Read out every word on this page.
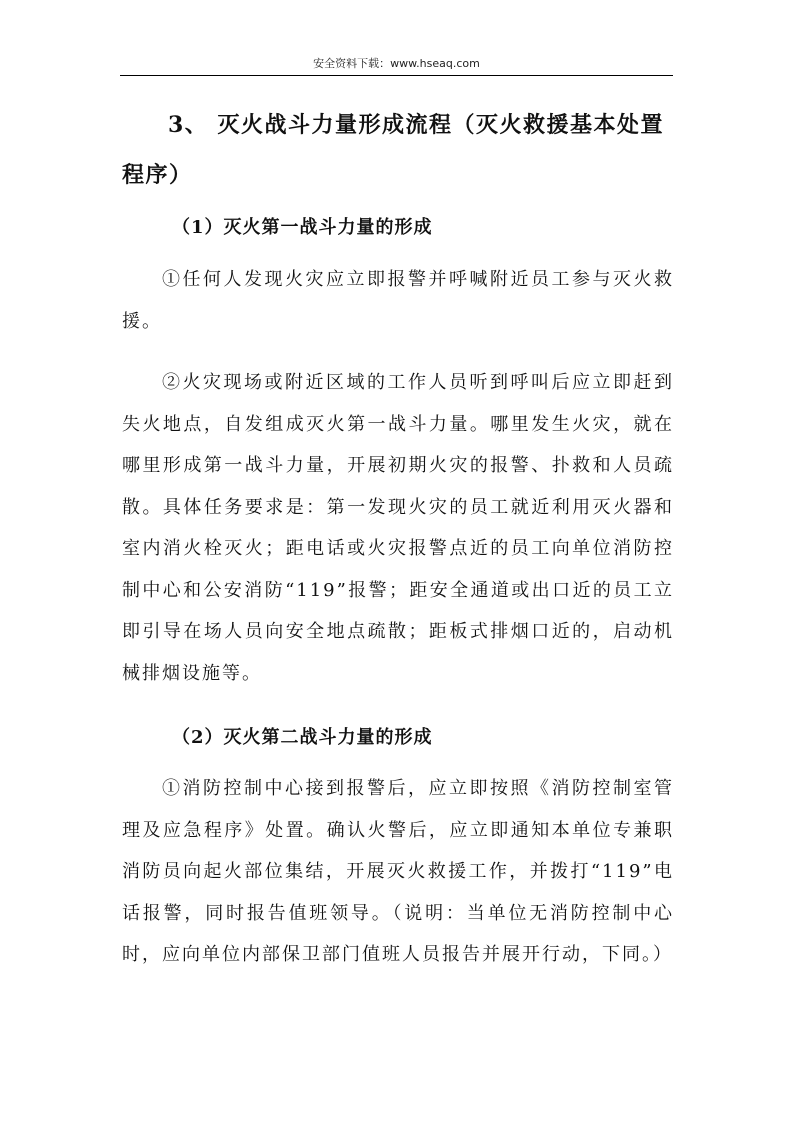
安全资料下载：www.hseaq.com

3、 灭火战斗力量形成流程（灭火救援基本处置程序）

（1）灭火第一战斗力量的形成

①任何人发现火灾应立即报警并呼喊附近员工参与灭火救援。

②火灾现场或附近区域的工作人员听到呼叫后应立即赶到失火地点，自发组成灭火第一战斗力量。哪里发生火灾，就在哪里形成第一战斗力量，开展初期火灾的报警、扑救和人员疏散。具体任务要求是：第一发现火灾的员工就近利用灭火器和室内消火栓灭火；距电话或火灾报警点近的员工向单位消防控制中心和公安消防“119”报警；距安全通道或出口近的员工立即引导在场人员向安全地点疏散；距板式排烟口近的，启动机械排烟设施等。

（2）灭火第二战斗力量的形成

①消防控制中心接到报警后，应立即按照《消防控制室管理及应急程序》处置。确认火警后，应立即通知本单位专兼职消防员向起火部位集结，开展灭火救援工作，并拨打“119”电话报警，同时报告值班领导。（说明：当单位无消防控制中心时，应向单位内部保卫部门值班人员报告并展开行动，下同。）
